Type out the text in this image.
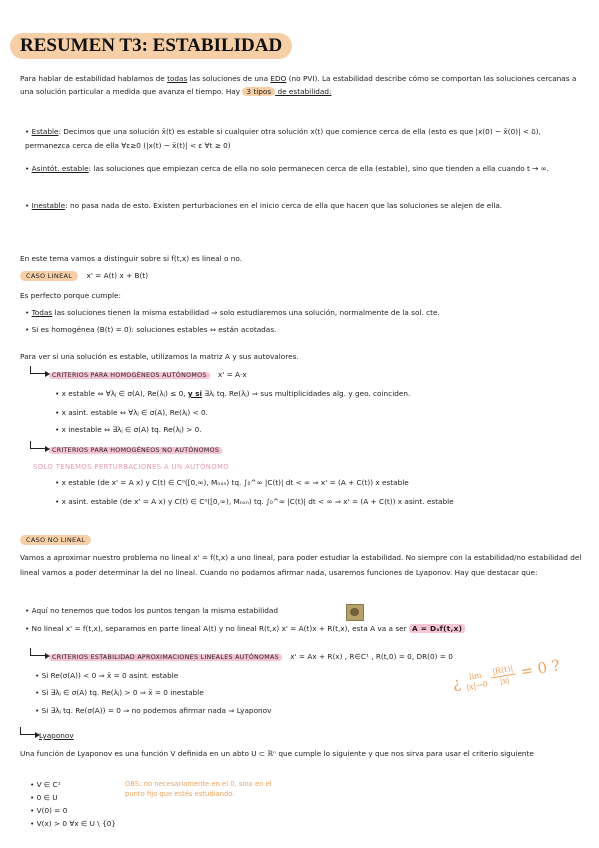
RESUMEN T3: ESTABILIDAD
Para hablar de estabilidad hablamos de todas las soluciones de una EDO (no PVI). La estabilidad describe cómo se comportan las soluciones cercanas a una solución particular a medida que avanza el tiempo. Hay 3 tipos de estabilidad:
• Estable: Decimos que una solución x̄(t) es estable si cualquier otra solución x(t) que comience cerca de ella (esto es que |x(0) − x̄(0)| < δ), permanezca cerca de ella ∀ε≥0 (|x(t) − x̄(t)| < ε ∀t ≥ 0)
• Asintót. estable: las soluciones que empiezan cerca de ella no solo permanecen cerca de ella (estable), sino que tienden a ella cuando t → ∞.
• Inestable: no pasa nada de esto. Existen perturbaciones en el inicio cerca de ella que hacen que las soluciones se alejen de ella.
En este tema vamos a distinguir sobre si f(t,x) es lineal o no.
CASO LINEAL x' = A(t) x + B(t)
Es perfecto porque cumple:
• Todas las soluciones tienen la misma estabilidad ⇒ solo estudiaremos una solución, normalmente de la sol. cte.
• Si es homogénea (B(t) = 0): soluciones estables ⇔ están acotadas.
Para ver si una solución es estable, utilizamos la matriz A y sus autovalores.
CRITERIOS PARA HOMOGÉNEOS AUTÓNOMOS x' = A·x
• x estable ⇔ ∀λⱼ ∈ σ(A), Re(λⱼ) ≤ 0, y si ∃λⱼ tq. Re(λⱼ) ⇒ sus multiplicidades alg. y geo. coinciden.
• x asint. estable ⇔ ∀λⱼ ∈ σ(A), Re(λⱼ) < 0.
• x inestable ⇔ ∃λⱼ ∈ σ(A) tq. Re(λⱼ) > 0.
CRITERIOS PARA HOMOGÉNEOS NO AUTÓNOMOS
SOLO TENEMOS PERTURBACIONES A UN AUTÓNOMO
• x estable (de x' = A x) y C(t) ∈ C⁰([0,∞), Mₙₓₙ) tq. ∫₀^∞ |C(t)| dt < ∞ ⇒ x' = (A + C(t)) x estable
• x asint. estable (de x' = A x) y C(t) ∈ C⁰([0,∞), Mₙₓₙ) tq. ∫₀^∞ |C(t)| dt < ∞ ⇒ x' = (A + C(t)) x asint. estable
CASO NO LINEAL
Vamos a aproximar nuestro problema no lineal x' = f(t,x) a uno lineal, para poder estudiar la estabilidad. No siempre con la estabilidad/no estabilidad del lineal vamos a poder determinar la del no lineal. Cuando no podamos afirmar nada, usaremos funciones de Lyaponov. Hay que destacar que:
• Aquí no tenemos que todos los puntos tengan la misma estabilidad
• No lineal x' = f(t,x), separamos en parte lineal A(t) y no lineal R(t,x) x' = A(t)x + R(t,x), esta A va a ser A = Dₓf(t,x)
CRITERIOS ESTABILIDAD APROXIMACIONES LINEALES AUTÓNOMAS x' = Ax + R(x) , R∈C¹ , R(t,0) = 0, DR(0) = 0
• Si Re(σ(A)) < 0 ⇒ x̄ = 0 asint. estable
• Si ∃λⱼ ∈ σ(A) tq. Re(λⱼ) > 0 ⇒ x̄ = 0 inestable
• Si ∃λⱼ tq. Re(σ(A)) = 0 ⇒ no podemos afirmar nada ⇒ Lyaponov
¿ lim
|x|→0

|R(t)|
|x|
= 0 ?
Lyaponov
Una función de Lyaponov es una función V definida en un abto U ⊂ ℝⁿ que cumple lo siguiente y que nos sirva para usar el criterio siguiente
• V ∈ C¹
• 0 ∈ U
• V(0) = 0
• V(x) > 0 ∀x ∈ U \ {0}
OBS: no necesariamente en el 0, sino en el punto fijo que estés estudiando.
